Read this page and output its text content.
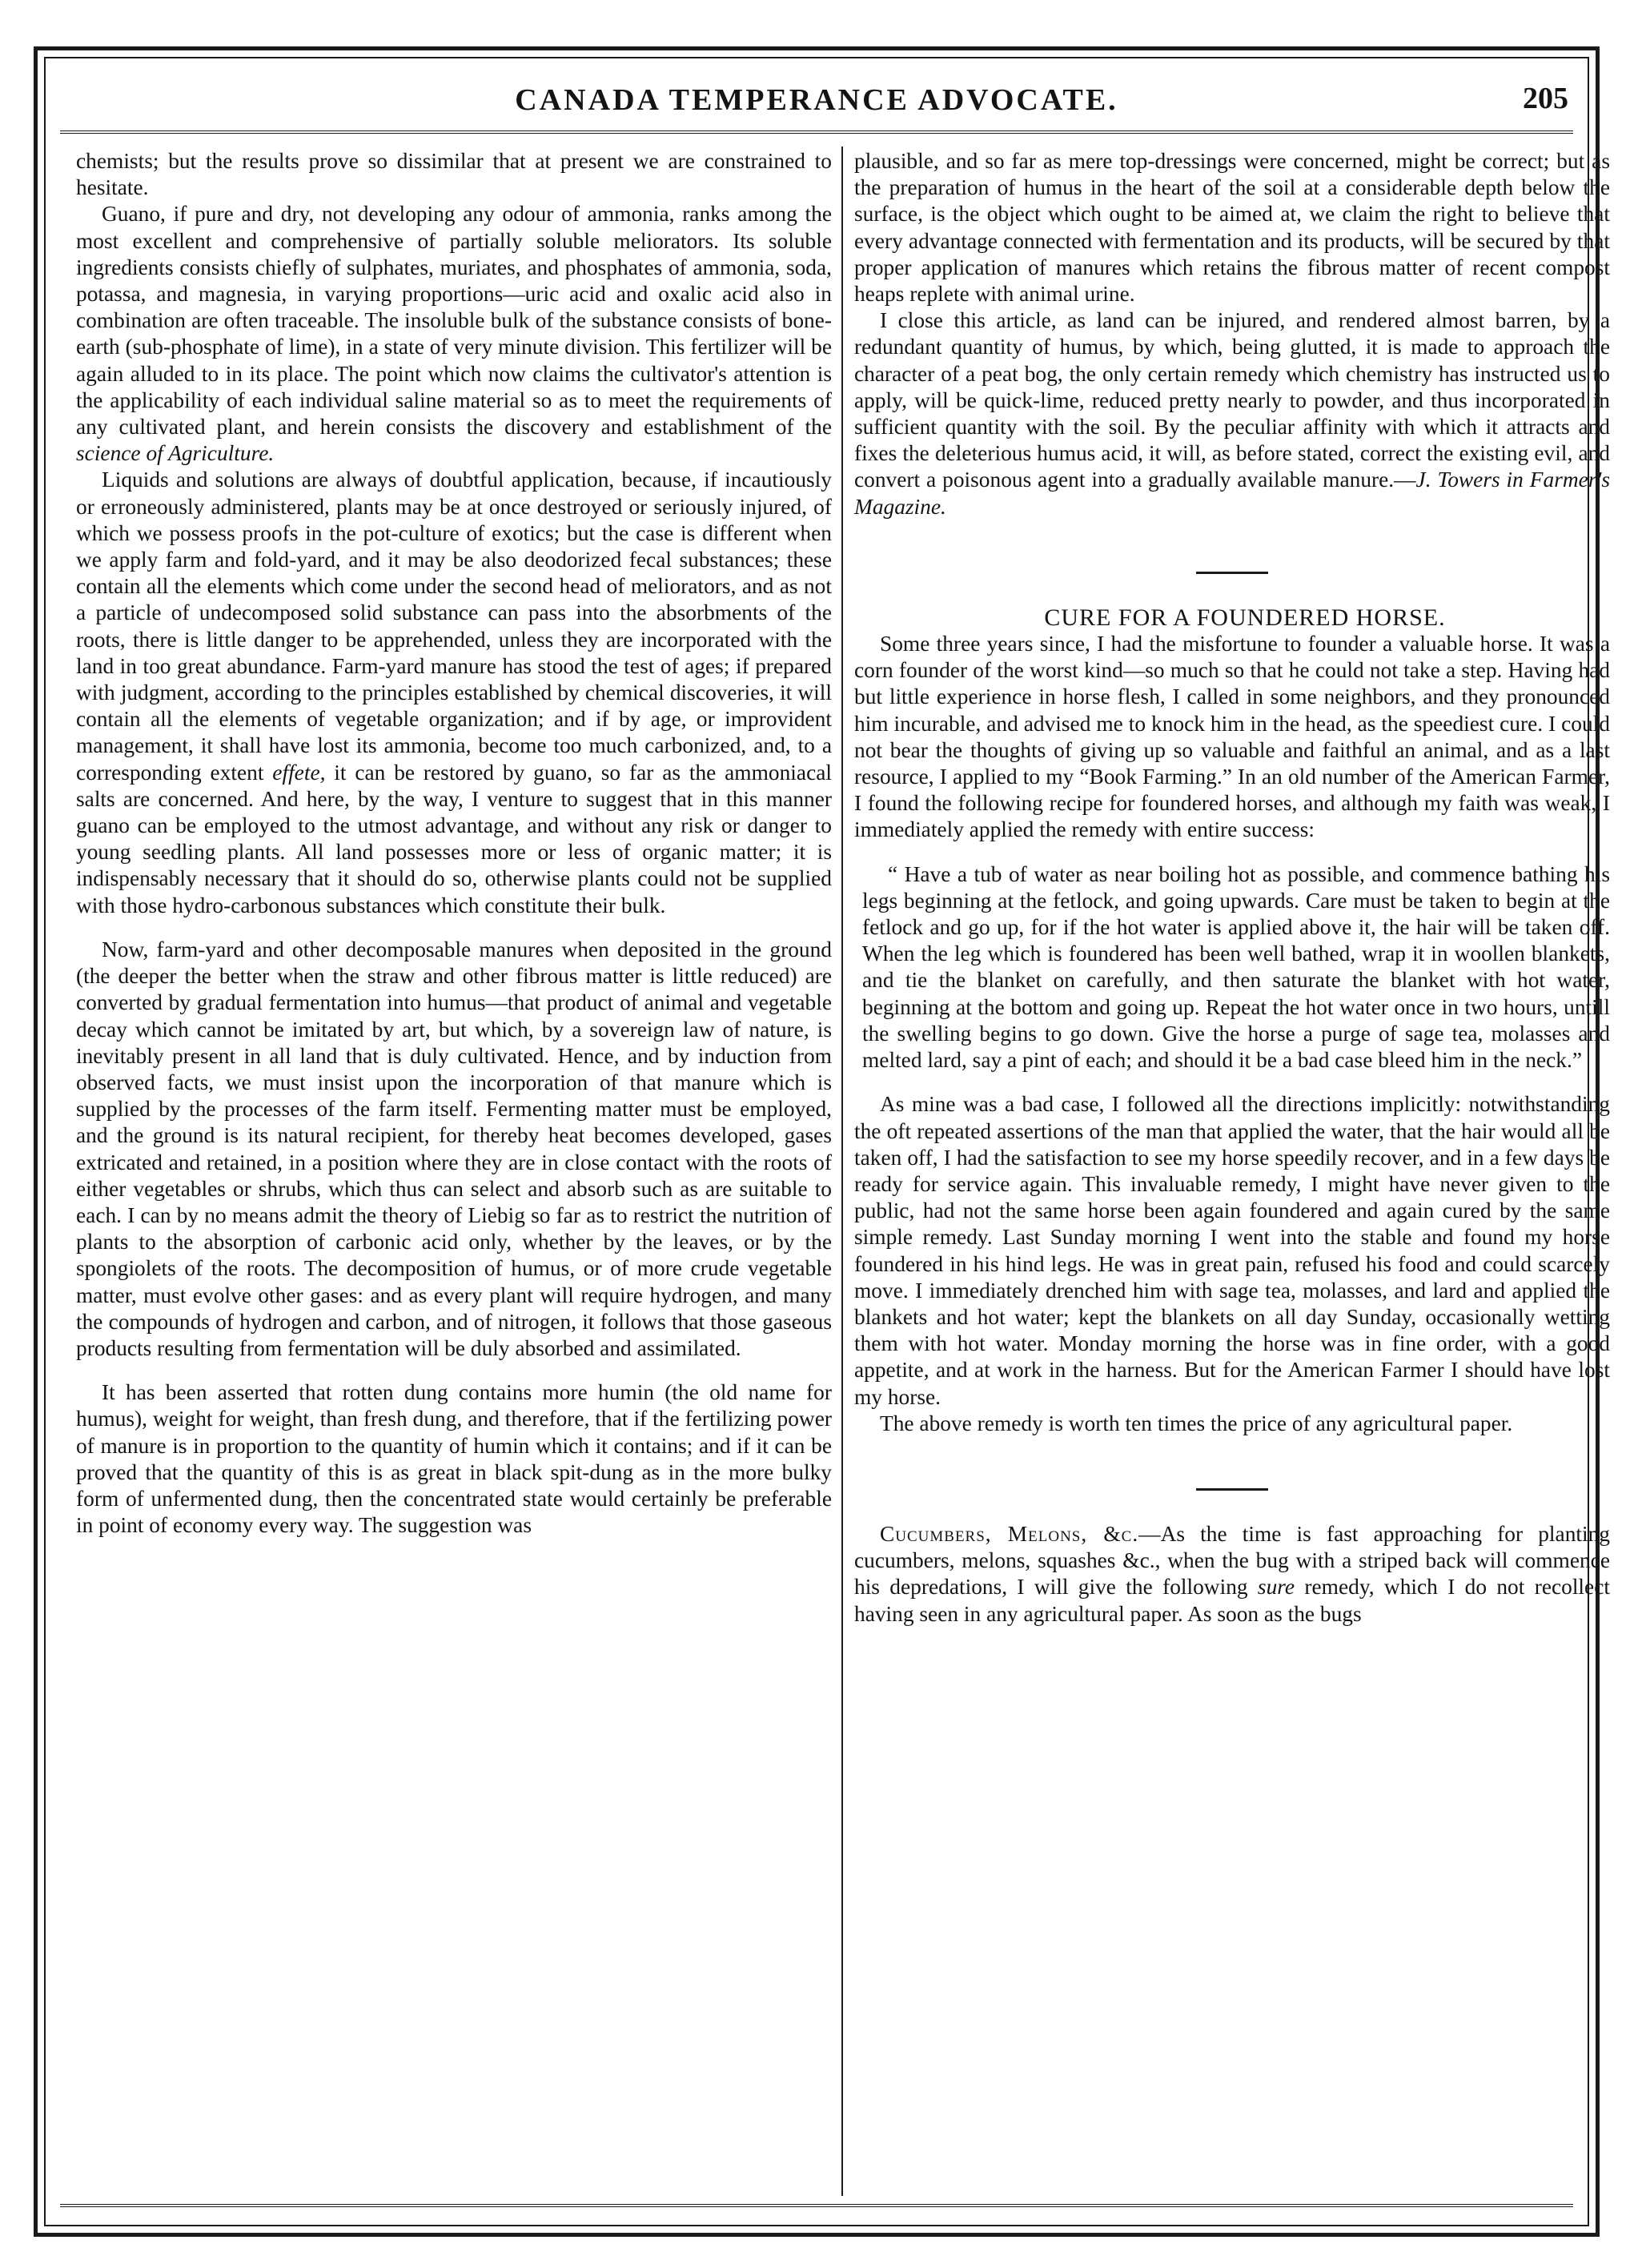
CANADA TEMPERANCE ADVOCATE.	205

chemists; but the results prove so dissimilar that at present we are constrained to hesitate.

Guano, if pure and dry, not developing any odour of ammonia, ranks among the most excellent and comprehensive of partially soluble meliorators. Its soluble ingredients consists chiefly of sulphates, muriates, and phosphates of ammonia, soda, potassa, and magnesia, in varying proportions—uric acid and oxalic acid also in combination are often traceable. The insoluble bulk of the substance consists of bone-earth (sub-phosphate of lime), in a state of very minute division. This fertilizer will be again alluded to in its place. The point which now claims the cultivator's attention is the applicability of each individual saline material so as to meet the requirements of any cultivated plant, and herein consists the discovery and establishment of the science of Agriculture.

Liquids and solutions are always of doubtful application, because, if incautiously or erroneously administered, plants may be at once destroyed or seriously injured, of which we possess proofs in the pot-culture of exotics; but the case is different when we apply farm and fold-yard, and it may be also deodorized fecal substances; these contain all the elements which come under the second head of meliorators, and as not a particle of undecomposed solid substance can pass into the absorbments of the roots, there is little danger to be apprehended, unless they are incorporated with the land in too great abundance. Farm-yard manure has stood the test of ages; if prepared with judgment, according to the principles established by chemical discoveries, it will contain all the elements of vegetable organization; and if by age, or improvident management, it shall have lost its ammonia, become too much carbonized, and, to a corresponding extent effete, it can be restored by guano, so far as the ammoniacal salts are concerned. And here, by the way, I venture to suggest that in this manner guano can be employed to the utmost advantage, and without any risk or danger to young seedling plants. All land possesses more or less of organic matter; it is indispensably necessary that it should do so, otherwise plants could not be supplied with those hydro-carbonous substances which constitute their bulk.

Now, farm-yard and other decomposable manures when deposited in the ground (the deeper the better when the straw and other fibrous matter is little reduced) are converted by gradual fermentation into humus—that product of animal and vegetable decay which cannot be imitated by art, but which, by a sovereign law of nature, is inevitably present in all land that is duly cultivated. Hence, and by induction from observed facts, we must insist upon the incorporation of that manure which is supplied by the processes of the farm itself. Fermenting matter must be employed, and the ground is its natural recipient, for thereby heat becomes developed, gases extricated and retained, in a position where they are in close contact with the roots of either vegetables or shrubs, which thus can select and absorb such as are suitable to each. I can by no means admit the theory of Liebig so far as to restrict the nutrition of plants to the absorption of carbonic acid only, whether by the leaves, or by the spongiolets of the roots. The decomposition of humus, or of more crude vegetable matter, must evolve other gases: and as every plant will require hydrogen, and many the compounds of hydrogen and carbon, and of nitrogen, it follows that those gaseous products resulting from fermentation will be duly absorbed and assimilated.

It has been asserted that rotten dung contains more humin (the old name for humus), weight for weight, than fresh dung, and therefore, that if the fertilizing power of manure is in proportion to the quantity of humin which it contains; and if it can be proved that the quantity of this is as great in black spit-dung as in the more bulky form of unfermented dung, then the concentrated state would certainly be preferable in point of economy every way. The suggestion was

plausible, and so far as mere top-dressings were concerned, might be correct; but as the preparation of humus in the heart of the soil at a considerable depth below the surface, is the object which ought to be aimed at, we claim the right to believe that every advantage connected with fermentation and its products, will be secured by that proper application of manures which retains the fibrous matter of recent compost heaps replete with animal urine.

I close this article, as land can be injured, and rendered almost barren, by a redundant quantity of humus, by which, being glutted, it is made to approach the character of a peat bog, the only certain remedy which chemistry has instructed us to apply, will be quick-lime, reduced pretty nearly to powder, and thus incorporated in sufficient quantity with the soil. By the peculiar affinity with which it attracts and fixes the deleterious humus acid, it will, as before stated, correct the existing evil, and convert a poisonous agent into a gradually available manure.—J. Towers in Farmer's Magazine.

CURE FOR A FOUNDERED HORSE.

Some three years since, I had the misfortune to founder a valuable horse. It was a corn founder of the worst kind—so much so that he could not take a step. Having had but little experience in horse flesh, I called in some neighbors, and they pronounced him incurable, and advised me to knock him in the head, as the speediest cure. I could not bear the thoughts of giving up so valuable and faithful an animal, and as a last resource, I applied to my “Book Farming.” In an old number of the American Farmer, I found the following recipe for foundered horses, and although my faith was weak, I immediately applied the remedy with entire success:

“ Have a tub of water as near boiling hot as possible, and commence bathing his legs beginning at the fetlock, and going upwards. Care must be taken to begin at the fetlock and go up, for if the hot water is applied above it, the hair will be taken off. When the leg which is foundered has been well bathed, wrap it in woollen blankets, and tie the blanket on carefully, and then saturate the blanket with hot water, beginning at the bottom and going up. Repeat the hot water once in two hours, untill the swelling begins to go down. Give the horse a purge of sage tea, molasses and melted lard, say a pint of each; and should it be a bad case bleed him in the neck.”

As mine was a bad case, I followed all the directions implicitly: notwithstanding the oft repeated assertions of the man that applied the water, that the hair would all be taken off, I had the satisfaction to see my horse speedily recover, and in a few days be ready for service again. This invaluable remedy, I might have never given to the public, had not the same horse been again foundered and again cured by the same simple remedy. Last Sunday morning I went into the stable and found my horse foundered in his hind legs. He was in great pain, refused his food and could scarcely move. I immediately drenched him with sage tea, molasses, and lard and applied the blankets and hot water; kept the blankets on all day Sunday, occasionally wetting them with hot water. Monday morning the horse was in fine order, with a good appetite, and at work in the harness. But for the American Farmer I should have lost my horse.

The above remedy is worth ten times the price of any agricultural paper.

Cucumbers, Melons, &c.—As the time is fast approaching for planting cucumbers, melons, squashes &c., when the bug with a striped back will commence his depredations, I will give the following sure remedy, which I do not recollect having seen in any agricultural paper. As soon as the bugs
